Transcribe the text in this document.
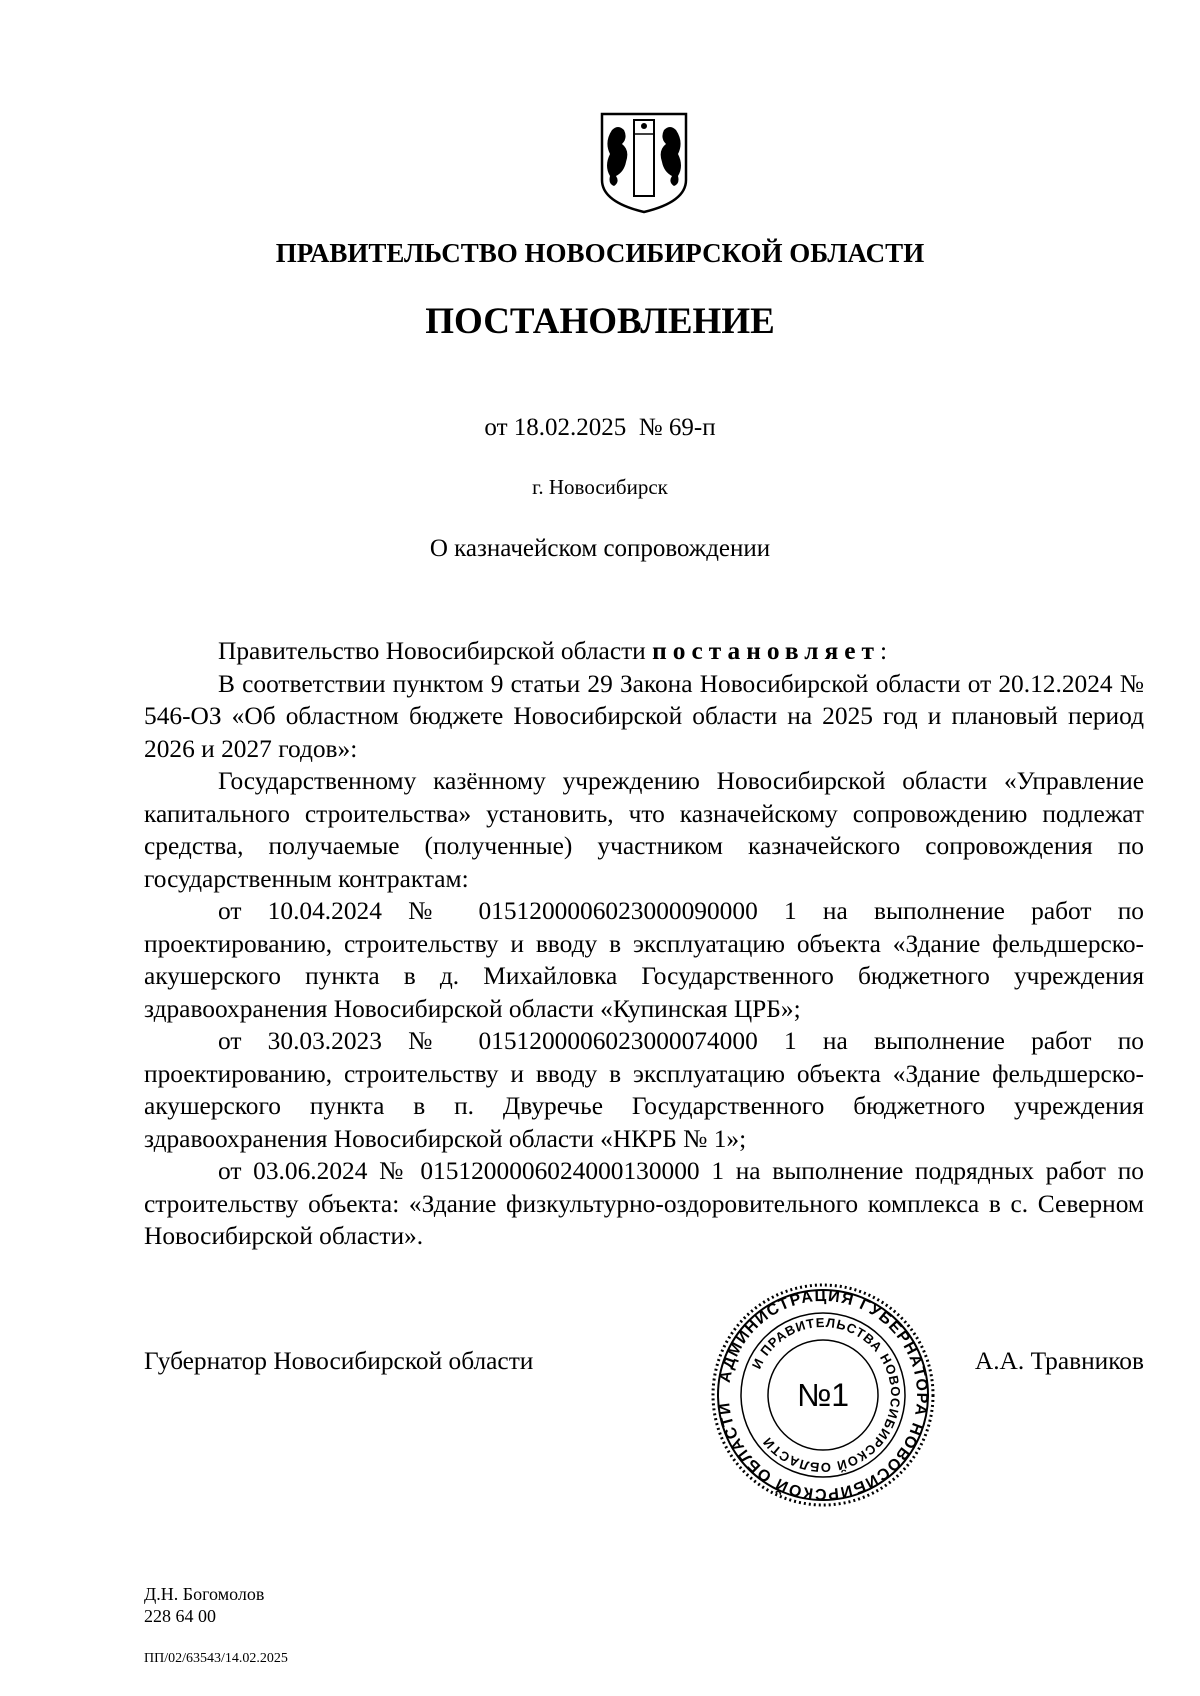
ПРАВИТЕЛЬСТВО НОВОСИБИРСКОЙ ОБЛАСТИ
ПОСТАНОВЛЕНИЕ
от 18.02.2025  № 69-п
г. Новосибирск
О казначейском сопровождении

Правительство Новосибирской области постановляет:

В соответствии пунктом 9 статьи 29 Закона Новосибирской области от 20.12.2024 № 546-ОЗ «Об областном бюджете Новосибирской области на 2025 год и плановый период 2026 и 2027 годов»:

Государственному казённому учреждению Новосибирской области «Управление капитального строительства» установить, что казначейскому сопровождению подлежат средства, получаемые (полученные) участником казначейского сопровождения по государственным контрактам:

от 10.04.2024 № 0151200006023000090000 1 на выполнение работ по проектированию, строительству и вводу в эксплуатацию объекта «Здание фельдшерско-акушерского пункта в д. Михайловка Государственного бюджетного учреждения здравоохранения Новосибирской области «Купинская ЦРБ»;

от 30.03.2023 № 0151200006023000074000 1 на выполнение работ по проектированию, строительству и вводу в эксплуатацию объекта «Здание фельдшерско-акушерского пункта в п. Двуречье Государственного бюджетного учреждения здравоохранения Новосибирской области «НКРБ № 1»;

от 03.06.2024 № 0151200006024000130000 1 на выполнение подрядных работ по строительству объекта: «Здание физкультурно-оздоровительного комплекса в с. Северном Новосибирской области».

Губернатор Новосибирской области
АДМИНИСТРАЦИЯ ГУБЕРНАТОРА НОВОСИБИРСКОЙ ОБЛАСТИ
И ПРАВИТЕЛЬСТВА НОВОСИБИРСКОЙ ОБЛАСТИ
№1
А.А. Травников
Д.Н. Богомолов
228 64 00
ПП/02/63543/14.02.2025
